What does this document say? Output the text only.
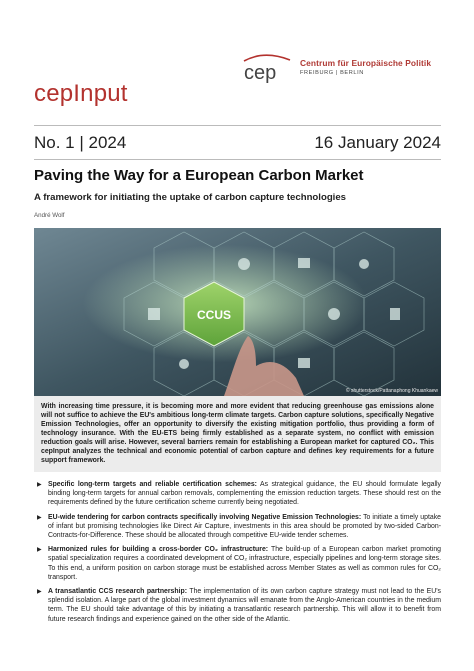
cep	Centrum für Europäische Politik
FREIBURG | BERLIN
cepInput
No. 1 | 2024	16 January 2024
Paving the Way for a European Carbon Market
A framework for initiating the uptake of carbon capture technologies
André Wolf
CCUS
© shutterstock/Pattanaphong Khuankaew

With increasing time pressure, it is becoming more and more evident that reducing greenhouse gas emissions alone will not suffice to achieve the EU's ambitious long-term climate targets. Carbon capture solutions, specifically Negative Emission Technologies, offer an opportunity to diversify the existing mitigation portfolio, thus providing a form of technology insurance. With the EU-ETS being firmly established as a separate system, no conflict with emission reduction goals will arise. However, several barriers remain for establishing a European market for captured CO₂. This cepInput analyzes the technical and economic potential of carbon capture and defines key requirements for a future support framework.

▶ Specific long-term targets and reliable certification schemes: As strategical guidance, the EU should formulate legally binding long-term targets for annual carbon removals, complementing the emission reduction targets. These should rest on the requirements defined by the future certification scheme currently being negotiated.

▶ EU-wide tendering for carbon contracts specifically involving Negative Emission Technologies: To initiate a timely uptake of infant but promising technologies like Direct Air Capture, investments in this area should be promoted by two-sided Carbon-Contracts-for-Difference. These should be allocated through competitive EU-wide tender schemes.

▶ Harmonized rules for building a cross-border CO₂ infrastructure: The build-up of a European carbon market promoting spatial specialization requires a coordinated development of CO₂ infrastructure, especially pipelines and long-term storage sites. To this end, a uniform position on carbon storage must be established across Member States as well as common rules for CO₂ transport.

▶ A transatlantic CCS research partnership: The implementation of its own carbon capture strategy must not lead to the EU's splendid isolation. A large part of the global investment dynamics will emanate from the Anglo-American countries in the medium term. The EU should take advantage of this by initiating a transatlantic research partnership. This will allow it to benefit from future research findings and experience gained on the other side of the Atlantic.
